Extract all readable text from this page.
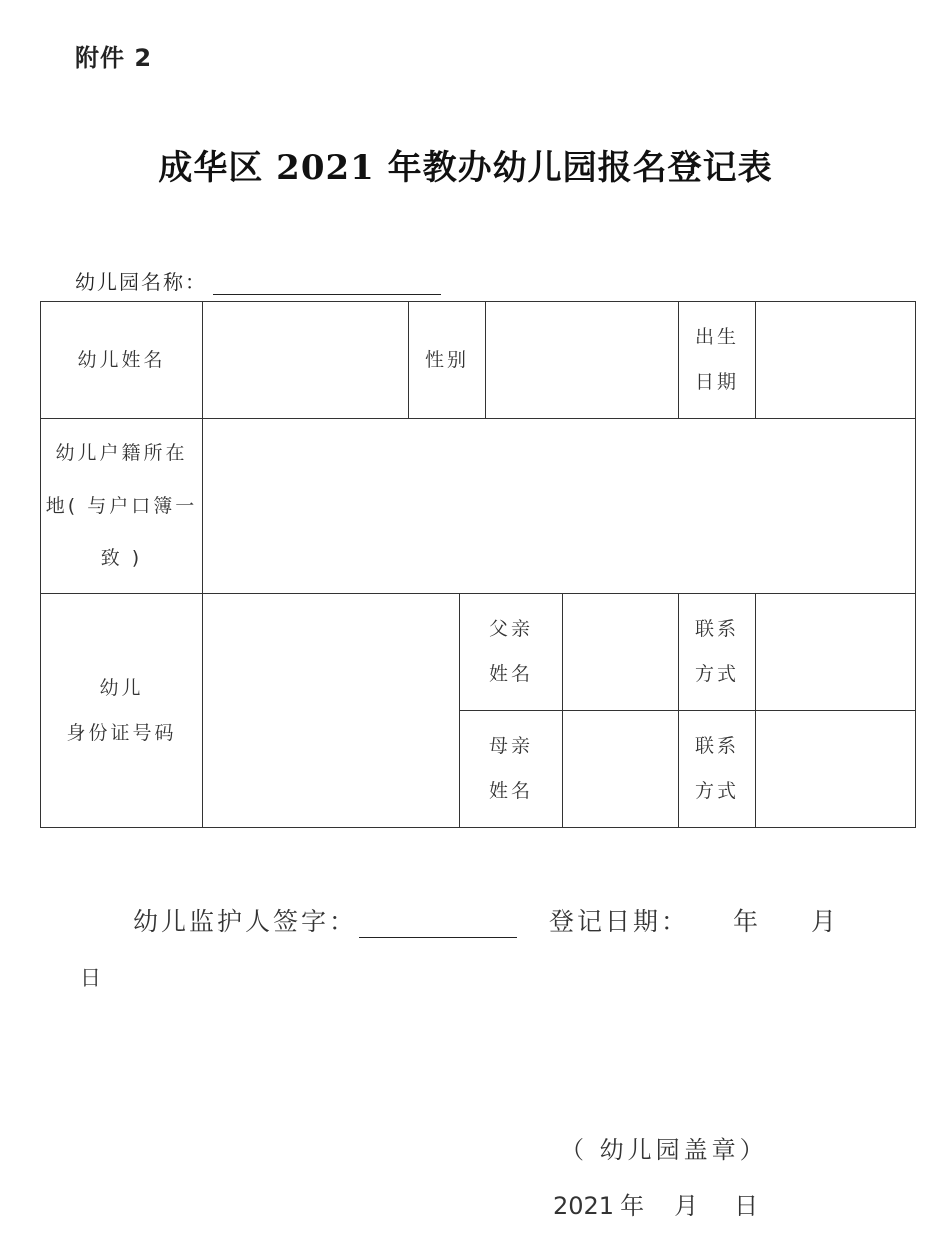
附件 2
成华区 2021 年教办幼儿园报名登记表
幼儿园名称：
幼儿姓名		性别				出生
日期	

幼儿户籍所在
地( 与户口簿一
致 )							

幼儿
身份证号码			父亲
姓名			联系
方式	

			母亲
姓名			联系
方式	

幼儿监护人签字：	登记日期： 年 月
日
（ 幼儿园盖章）
2021 年 月 日
